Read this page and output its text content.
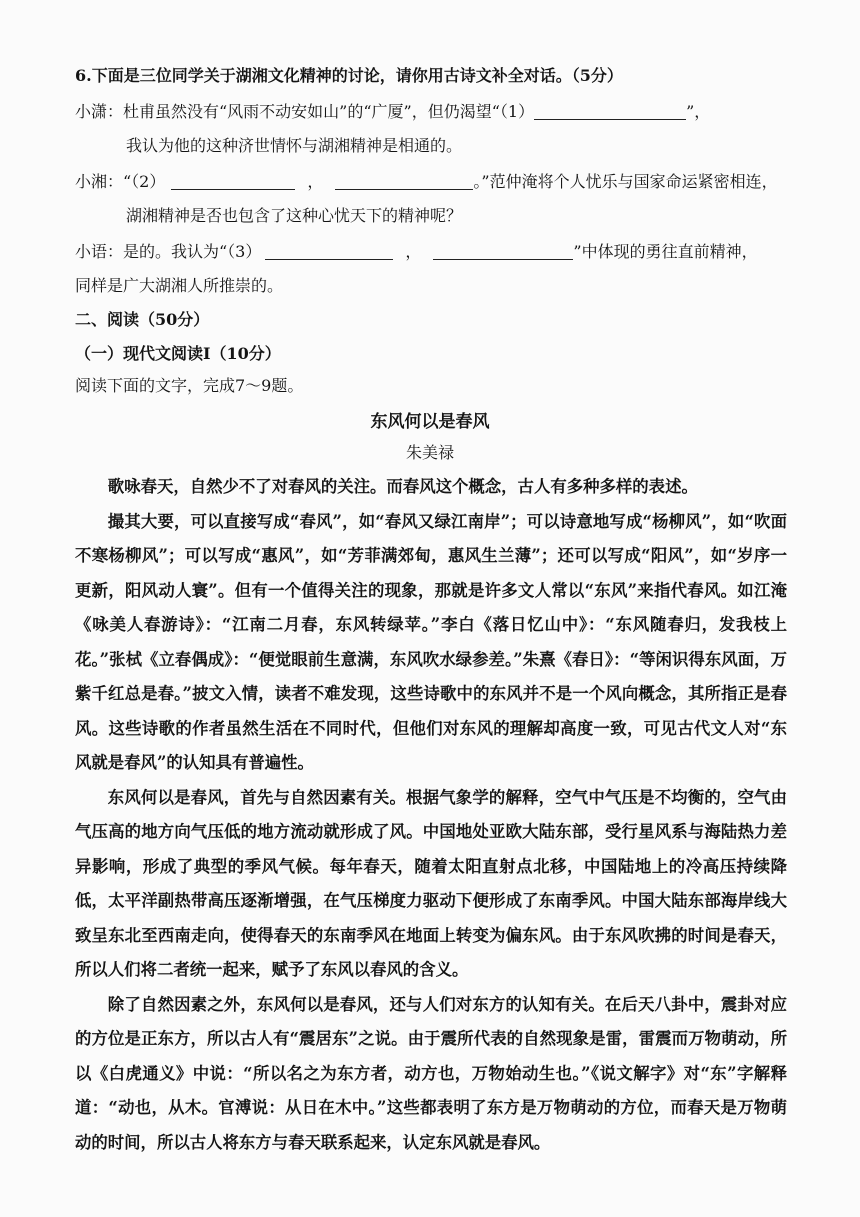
6.下面是三位同学关于湖湘文化精神的讨论，请你用古诗文补全对话。（5分）
小潇：杜甫虽然没有“风雨不动安如山”的“广厦”，但仍渴望“（1）	”，
我认为他的这种济世情怀与湖湘精神是相通的。
小湘：“（2）	，	。”范仲淹将个人忧乐与国家命运紧密相连，
湖湘精神是否也包含了这种心忧天下的精神呢？
小语：是的。我认为“（3）	，	”中体现的勇往直前精神，
同样是广大湖湘人所推崇的。
二、阅读（50分）
（一）现代文阅读Ⅰ（10分）
阅读下面的文字，完成7～9题。
东风何以是春风
朱美禄

歌咏春天，自然少不了对春风的关注。而春风这个概念，古人有多种多样的表述。

撮其大要，可以直接写成“春风”，如“春风又绿江南岸”；可以诗意地写成“杨柳风”，如“吹面不寒杨柳风”；可以写成“惠风”，如“芳菲满郊甸，惠风生兰薄”；还可以写成“阳风”，如“岁序一更新，阳风动人寰”。但有一个值得关注的现象，那就是许多文人常以“东风”来指代春风。如江淹《咏美人春游诗》：“江南二月春，东风转绿苹。”李白《落日忆山中》：“东风随春归，发我枝上花。”张栻《立春偶成》：“便觉眼前生意满，东风吹水绿参差。”朱熹《春日》：“等闲识得东风面，万紫千红总是春。”披文入情，读者不难发现，这些诗歌中的东风并不是一个风向概念，其所指正是春风。这些诗歌的作者虽然生活在不同时代，但他们对东风的理解却高度一致，可见古代文人对“东风就是春风”的认知具有普遍性。

东风何以是春风，首先与自然因素有关。根据气象学的解释，空气中气压是不均衡的，空气由气压高的地方向气压低的地方流动就形成了风。中国地处亚欧大陆东部，受行星风系与海陆热力差异影响，形成了典型的季风气候。每年春天，随着太阳直射点北移，中国陆地上的冷高压持续降低，太平洋副热带高压逐渐增强，在气压梯度力驱动下便形成了东南季风。中国大陆东部海岸线大致呈东北至西南走向，使得春天的东南季风在地面上转变为偏东风。由于东风吹拂的时间是春天，所以人们将二者统一起来，赋予了东风以春风的含义。

除了自然因素之外，东风何以是春风，还与人们对东方的认知有关。在后天八卦中，震卦对应的方位是正东方，所以古人有“震居东”之说。由于震所代表的自然现象是雷，雷震而万物萌动，所以《白虎通义》中说：“所以名之为东方者，动方也，万物始动生也。”《说文解字》对“东”字解释道：“动也，从木。官溥说：从日在木中。”这些都表明了东方是万物萌动的方位，而春天是万物萌动的时间，所以古人将东方与春天联系起来，认定东风就是春风。
